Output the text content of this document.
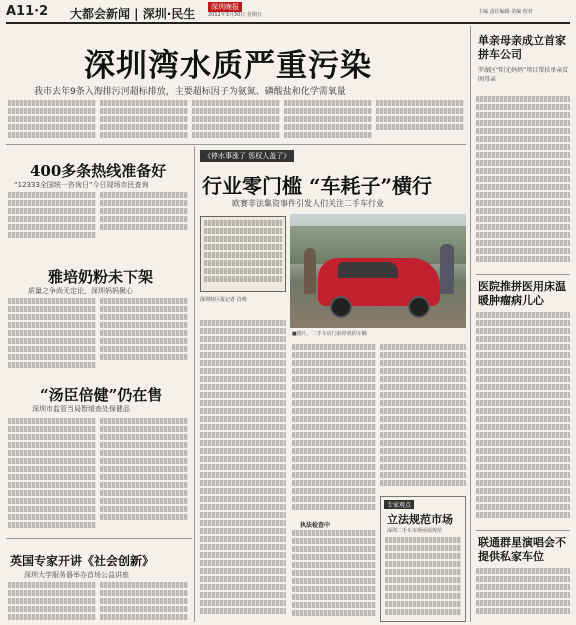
A11·2 大都会新闻 | 深圳·民生	深圳晚报
2012年3月30日 星期五	主编 责任编辑 美编 校对
深圳湾水质严重污染
我市去年9条入海排污河超标排放，主要超标因子为氨氮、磷酸盐和化学需氧量
400多条热线准备好
“12333全国统一咨询日”今日现场市民查询
雅培奶粉未下架
质量之争尚无定论，深圳妈妈揪心
“汤臣倍健”仍在售
深圳市监管当局暂缓查处保健品
英国专家开讲《社会创新》
深圳大学服务器举办首场公益讲座
《停水事涨了 惩权人盖了》
行业零门槛 “车耗子”横行
欧赛非法集资事件引发人们关注二手车行业
■图片，二手车店门前停放的车辆
深圳特区报记者 肖明
执法检查中
专家观点
立法规范市场
深圳二手车市场亟需规范
单亲母亲成立首家拼车公司
罗湖区“阳光妈妈”项目帮扶单亲贫困母亲
医院推拼医用床温暖肿瘤病儿心
联通群星演唱会不提供私家车位
